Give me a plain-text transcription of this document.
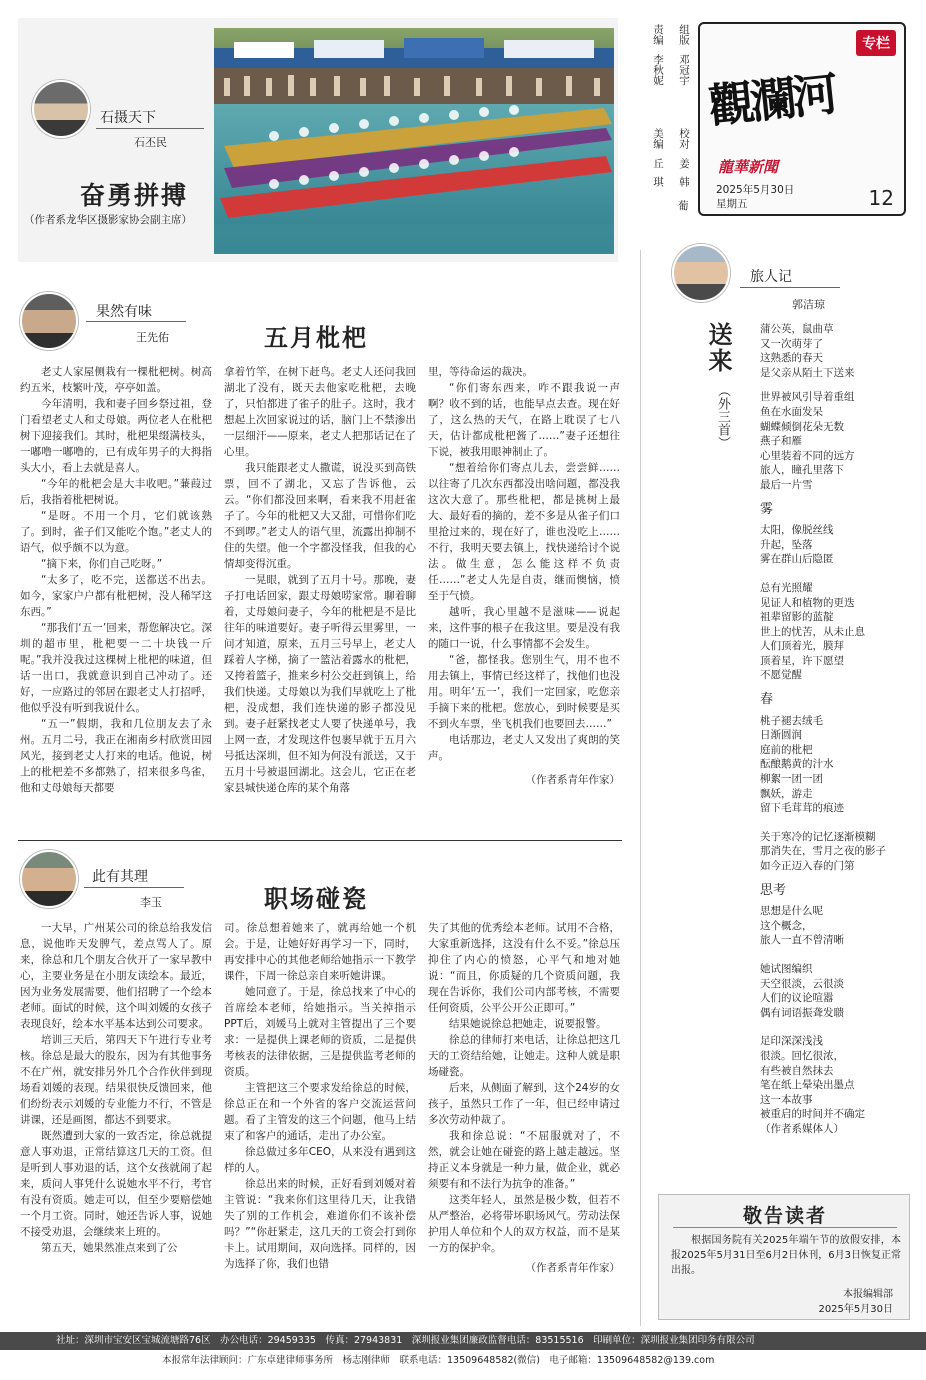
石摄天下
石丕民
奋勇拼搏
（作者系龙华区摄影家协会副主席）
责编
李秋妮
美编
丘琪
组版
邓冠宇
校对
姜韩
葡
专栏
觀瀾河
龍華新聞
2025年5月30日
星期五	12
果然有味
王先佑	五月枇杷

老丈人家屋侧栽有一棵枇杷树。树高约五米，枝繁叶茂，亭亭如盖。

今年清明，我和妻子回乡祭过祖，登门看望老丈人和丈母娘。两位老人在枇杷树下迎接我们。其时，枇杷果缀满枝头，一嘟噜一嘟噜的，已有成年男子的大拇指头大小，看上去就是喜人。

“今年的枇杷会是大丰收吧。”蒹葭过后，我指着枇杷树说。

“是呀。不用一个月，它们就该熟了。到时，雀子们又能吃个饱。”老丈人的语气，似乎颇不以为意。

“摘下来，你们自己吃呀。”

“太多了，吃不完，送都送不出去。如今，家家户户都有枇杷树，没人稀罕这东西。”

“那我们‘五一’回来，帮您解决它。深圳的超市里，枇杷要一二十块钱一斤呢。”我并没我过这棵树上枇杷的味道，但话一出口，我就意识到自己冲动了。还好，一应路过的邻居在跟老丈人打招呼，他似乎没有听到我说什么。

“五一”假期，我和几位朋友去了永州。五月二号，我正在湘南乡村欣赏田园风光，接到老丈人打来的电话。他说，树上的枇杷差不多都熟了，招来很多鸟雀，他和丈母娘每天都要

拿着竹竿，在树下赶鸟。老丈人还问我回湖北了没有，既天去他家吃枇杷，去晚了，只怕都进了雀子的肚子。这时，我才想起上次回家说过的话，脑门上不禁渗出一层细汗——原来，老丈人把那话记在了心里。

我只能跟老丈人撒谎，说没买到高铁票，回不了湖北，又忘了告诉他，云云。“你们都没回来啊，看来我不用赶雀子了。今年的枇杷又大又甜，可惜你们吃不到啰。”老丈人的语气里，流露出抑制不住的失望。他一个字都没怪我，但我的心情却变得沉重。

一晃眼，就到了五月十号。那晚，妻子打电话回家，跟丈母娘唠家常。聊着聊着，丈母娘问妻子，今年的枇杷是不是比往年的味道要好。妻子听得云里雾里，一问才知道，原来，五月三号早上，老丈人踩着人字梯，摘了一篮沾着露水的枇杷，又挎着篮子，推来乡村公交赶到镇上，给我们快递。丈母娘以为我们早就吃上了枇杷，没成想，我们连快递的影子都没见到。妻子赶紧找老丈人要了快递单号，我上网一查，才发现这件包裹早就于五月六号抵达深圳，但不知为何没有派送，又于五月十号被退回湖北。这会儿，它正在老家县城快递仓库的某个角落

里，等待命运的裁决。

“你们寄东西来，咋不跟我说一声啊？收不到的话，也能早点去查。现在好了，这么热的天气，在路上耽误了七八天，估计都成枇杷酱了……”妻子还想往下说，被我用眼神制止了。

“想着给你们寄点儿去，尝尝鲜……以往寄了几次东西都没出啥问题，都没我这次大意了。那些枇杷，都是挑树上最大、最好看的摘的，差不多是从雀子们口里抢过来的，现在好了，谁也没吃上……不行，我明天要去镇上，找快递给讨个说法。做生意，怎么能这样不负责任……”老丈人先是自责，继而懊恼，愤至于气愤。

越听，我心里越不是滋味——说起来，这件事的根子在我这里。要是没有我的随口一说，什么事情都不会发生。

“爸，都怪我。您别生气，用不也不用去镇上，事情已经这样了，找他们也没用。明年‘五一’，我们一定回家，吃您亲手摘下来的枇杷。您放心，到时候要是买不到火车票，坐飞机我们也要回去……”

电话那边，老丈人又发出了爽朗的笑声。

（作者系青年作家）
此有其理
李玉	职场碰瓷

一大早，广州某公司的徐总给我发信息，说他昨天发脾气，差点骂人了。原来，徐总和几个朋友合伙开了一家早教中心，主要业务是在小朋友读绘本。最近，因为业务发展需要，他们招聘了一个绘本老师。面试的时候，这个叫刘媛的女孩子表现良好，绘本水平基本达到公司要求。

培训三天后，第四天下午进行专业考核。徐总是最大的股东，因为有其他事务不在广州，就安排另外几个合作伙伴到现场看刘媛的表现。结果很快反馈回来，他们纷纷表示刘媛的专业能力不行，不管是讲课，还是画图，都达不到要求。

既然遭到大家的一致否定，徐总就提意人事劝退，正常结算这几天的工资。但是听到人事劝退的话，这个女孩就闹了起来，质问人事凭什么说她水平不行，考官有没有资质。她走可以，但至少要赔偿她一个月工资。同时，她还告诉人事，说她不接受劝退，会继续来上班的。

第五天，她果然准点来到了公

司。徐总想着她来了，就再给她一个机会。于是，让她好好再学习一下，同时，再安排中心的其他老师给她指示一下教学课件，下周一徐总亲自来听她讲课。

她同意了。于是，徐总找来了中心的首席绘本老师，给她指示。当关掉指示PPT后，刘媛马上就对主管提出了三个要求：一是提供上课老师的资质，二是提供考核表的法律依据，三是提供监考老师的资质。

主管把这三个要求发给徐总的时候，徐总正在和一个外省的客户交流运营问题。看了主管发的这三个问题，他马上结束了和客户的通话，走出了办公室。

徐总做过多年CEO，从来没有遇到这样的人。

徐总出来的时候，正好看到刘媛对着主管说：“我来你们这里待几天，让我错失了别的工作机会，难道你们不该补偿吗？”“你赶紧走，这几天的工资会打到你卡上。试用期间，双向选择。同样的，因为选择了你，我们也错

失了其他的优秀绘本老师。试用不合格，大家重新选择，这没有什么不妥。”徐总压抑住了内心的愤怒，心平气和地对她说：“而且，你质疑的几个资质问题，我现在告诉你，我们公司内部考核，不需要任何资质，公平公开公正即可。”

结果她说徐总把她走，说要报警。

徐总的律师打来电话，让徐总把这几天的工资结给她，让她走。这种人就是职场碰瓷。

后来，从侧面了解到，这个24岁的女孩子，虽然只工作了一年，但已经申请过多次劳动仲裁了。

我和徐总说：“不屈服就对了，不然，就会让她在碰瓷的路上越走越远。坚持正义本身就是一种力量，做企业，就必须要有和不法行为抗争的准备。”

这类年轻人，虽然是极少数，但若不从严整治，必将带坏职场风气。劳动法保护用人单位和个人的双方权益，而不是某一方的保护伞。

（作者系青年作家）
旅人记
郭洁琼
送来
（外三首）
蒲公英，鼠曲草
又一次萌芽了
这熟悉的春天
是父亲从陌土下送来
世界被风引导着重组
鱼在水面发呆
蝴蝶倾倒花朵无数
燕子和雁
心里装着不同的远方
旅人，瞳孔里落下
最后一片雪
雾
太阳，像脱丝线
升起，坠落
雾在群山后隐匿
总有光照耀
见证人和植物的更迭
祖辈留影的蓝靛
世上的忧苦，从未止息
人们顶着光，膜拜
顶着星，许下愿望
不愿觉醒
春
桃子褪去绒毛
日渐圆润
庭前的枇杷
酝酿鹅黄的汁水
柳絮一团一团
飘妖，游走
留下毛茸茸的痕迹
关于寒冷的记忆逐渐模糊
那消失在，雪月之夜的影子
如今正迈入春的门第
思考
思想是什么呢
这个概念，
旅人一直不曾清晰
她试图编织
天空很淡，云很淡
人们的议论喧嚣
偶有词语振聋发聩
足印深深浅浅
很淡。回忆很浓，
有些被自然抹去
笔在纸上晕染出墨点
这一本故事
被重启的时间并不确定
（作者系媒体人）
敬告读者
根据国务院有关2025年端午节的放假安排，本报2025年5月31日至6月2日休刊，6月3日恢复正常出报。
本报编辑部
2025年5月30日
社址：深圳市宝安区宝城流塘路76区　办公电话：29459335　传真：27943831　深圳报业集团廉政监督电话：83515516　印刷单位：深圳报业集团印务有限公司
本报常年法律顾问：广东卓建律师事务所　杨志刚律师　联系电话：13509648582(微信)　电子邮箱：13509648582@139.com
